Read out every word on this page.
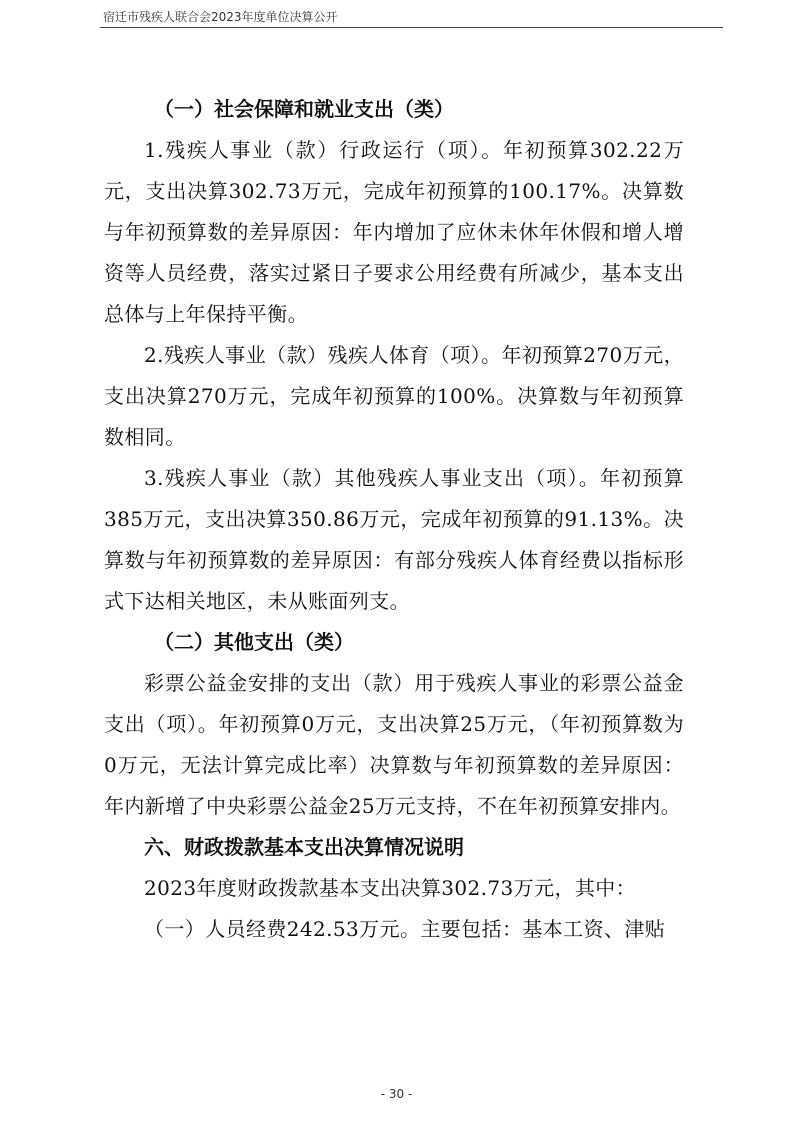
宿迁市残疾人联合会2023年度单位决算公开

（一）社会保障和就业支出（类）

1.残疾人事业（款）行政运行（项）。年初预算302.22万元，支出决算302.73万元，完成年初预算的100.17%。决算数与年初预算数的差异原因：年内增加了应休未休年休假和增人增资等人员经费，落实过紧日子要求公用经费有所减少，基本支出总体与上年保持平衡。

2.残疾人事业（款）残疾人体育（项）。年初预算270万元，支出决算270万元，完成年初预算的100%。决算数与年初预算数相同。

3.残疾人事业（款）其他残疾人事业支出（项）。年初预算385万元，支出决算350.86万元，完成年初预算的91.13%。决算数与年初预算数的差异原因：有部分残疾人体育经费以指标形式下达相关地区，未从账面列支。

（二）其他支出（类）

彩票公益金安排的支出（款）用于残疾人事业的彩票公益金支出（项）。年初预算0万元，支出决算25万元，（年初预算数为0万元，无法计算完成比率）决算数与年初预算数的差异原因：年内新增了中央彩票公益金25万元支持，不在年初预算安排内。

六、财政拨款基本支出决算情况说明

2023年度财政拨款基本支出决算302.73万元，其中：

（一）人员经费242.53万元。主要包括：基本工资、津贴

- 30 -
